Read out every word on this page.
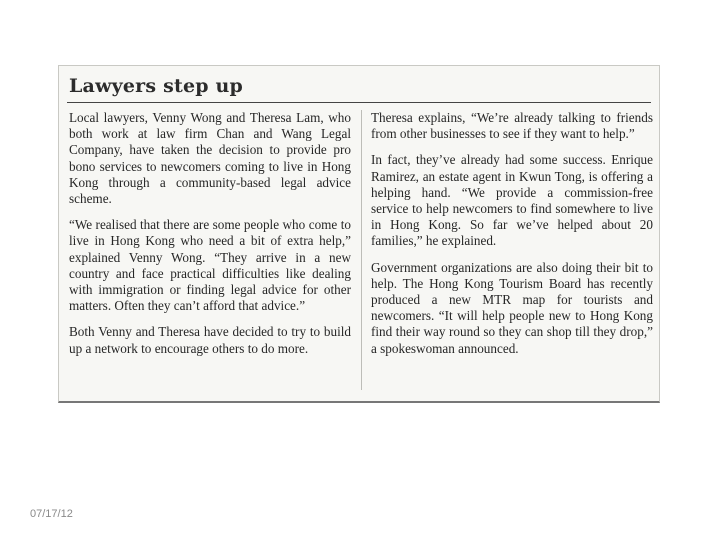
Lawyers step up

Local lawyers, Venny Wong and Theresa Lam, who both work at law firm Chan and Wang Legal Company, have taken the decision to provide pro bono services to newcomers coming to live in Hong Kong through a community-based legal advice scheme.

“We realised that there are some people who come to live in Hong Kong who need a bit of extra help,” explained Venny Wong. “They arrive in a new country and face practical difficulties like dealing with immigration or finding legal advice for other matters. Often they can’t afford that advice.”

Both Venny and Theresa have decided to try to build up a network to encourage others to do more.

Theresa explains, “We’re already talking to friends from other businesses to see if they want to help.”

In fact, they’ve already had some success. Enrique Ramirez, an estate agent in Kwun Tong, is offering a helping hand. “We provide a commission-free service to help newcomers to find somewhere to live in Hong Kong. So far we’ve helped about 20 families,” he explained.

Government organizations are also doing their bit to help. The Hong Kong Tourism Board has recently produced a new MTR map for tourists and newcomers. “It will help people new to Hong Kong find their way round so they can shop till they drop,” a spokeswoman announced.

07/17/12
